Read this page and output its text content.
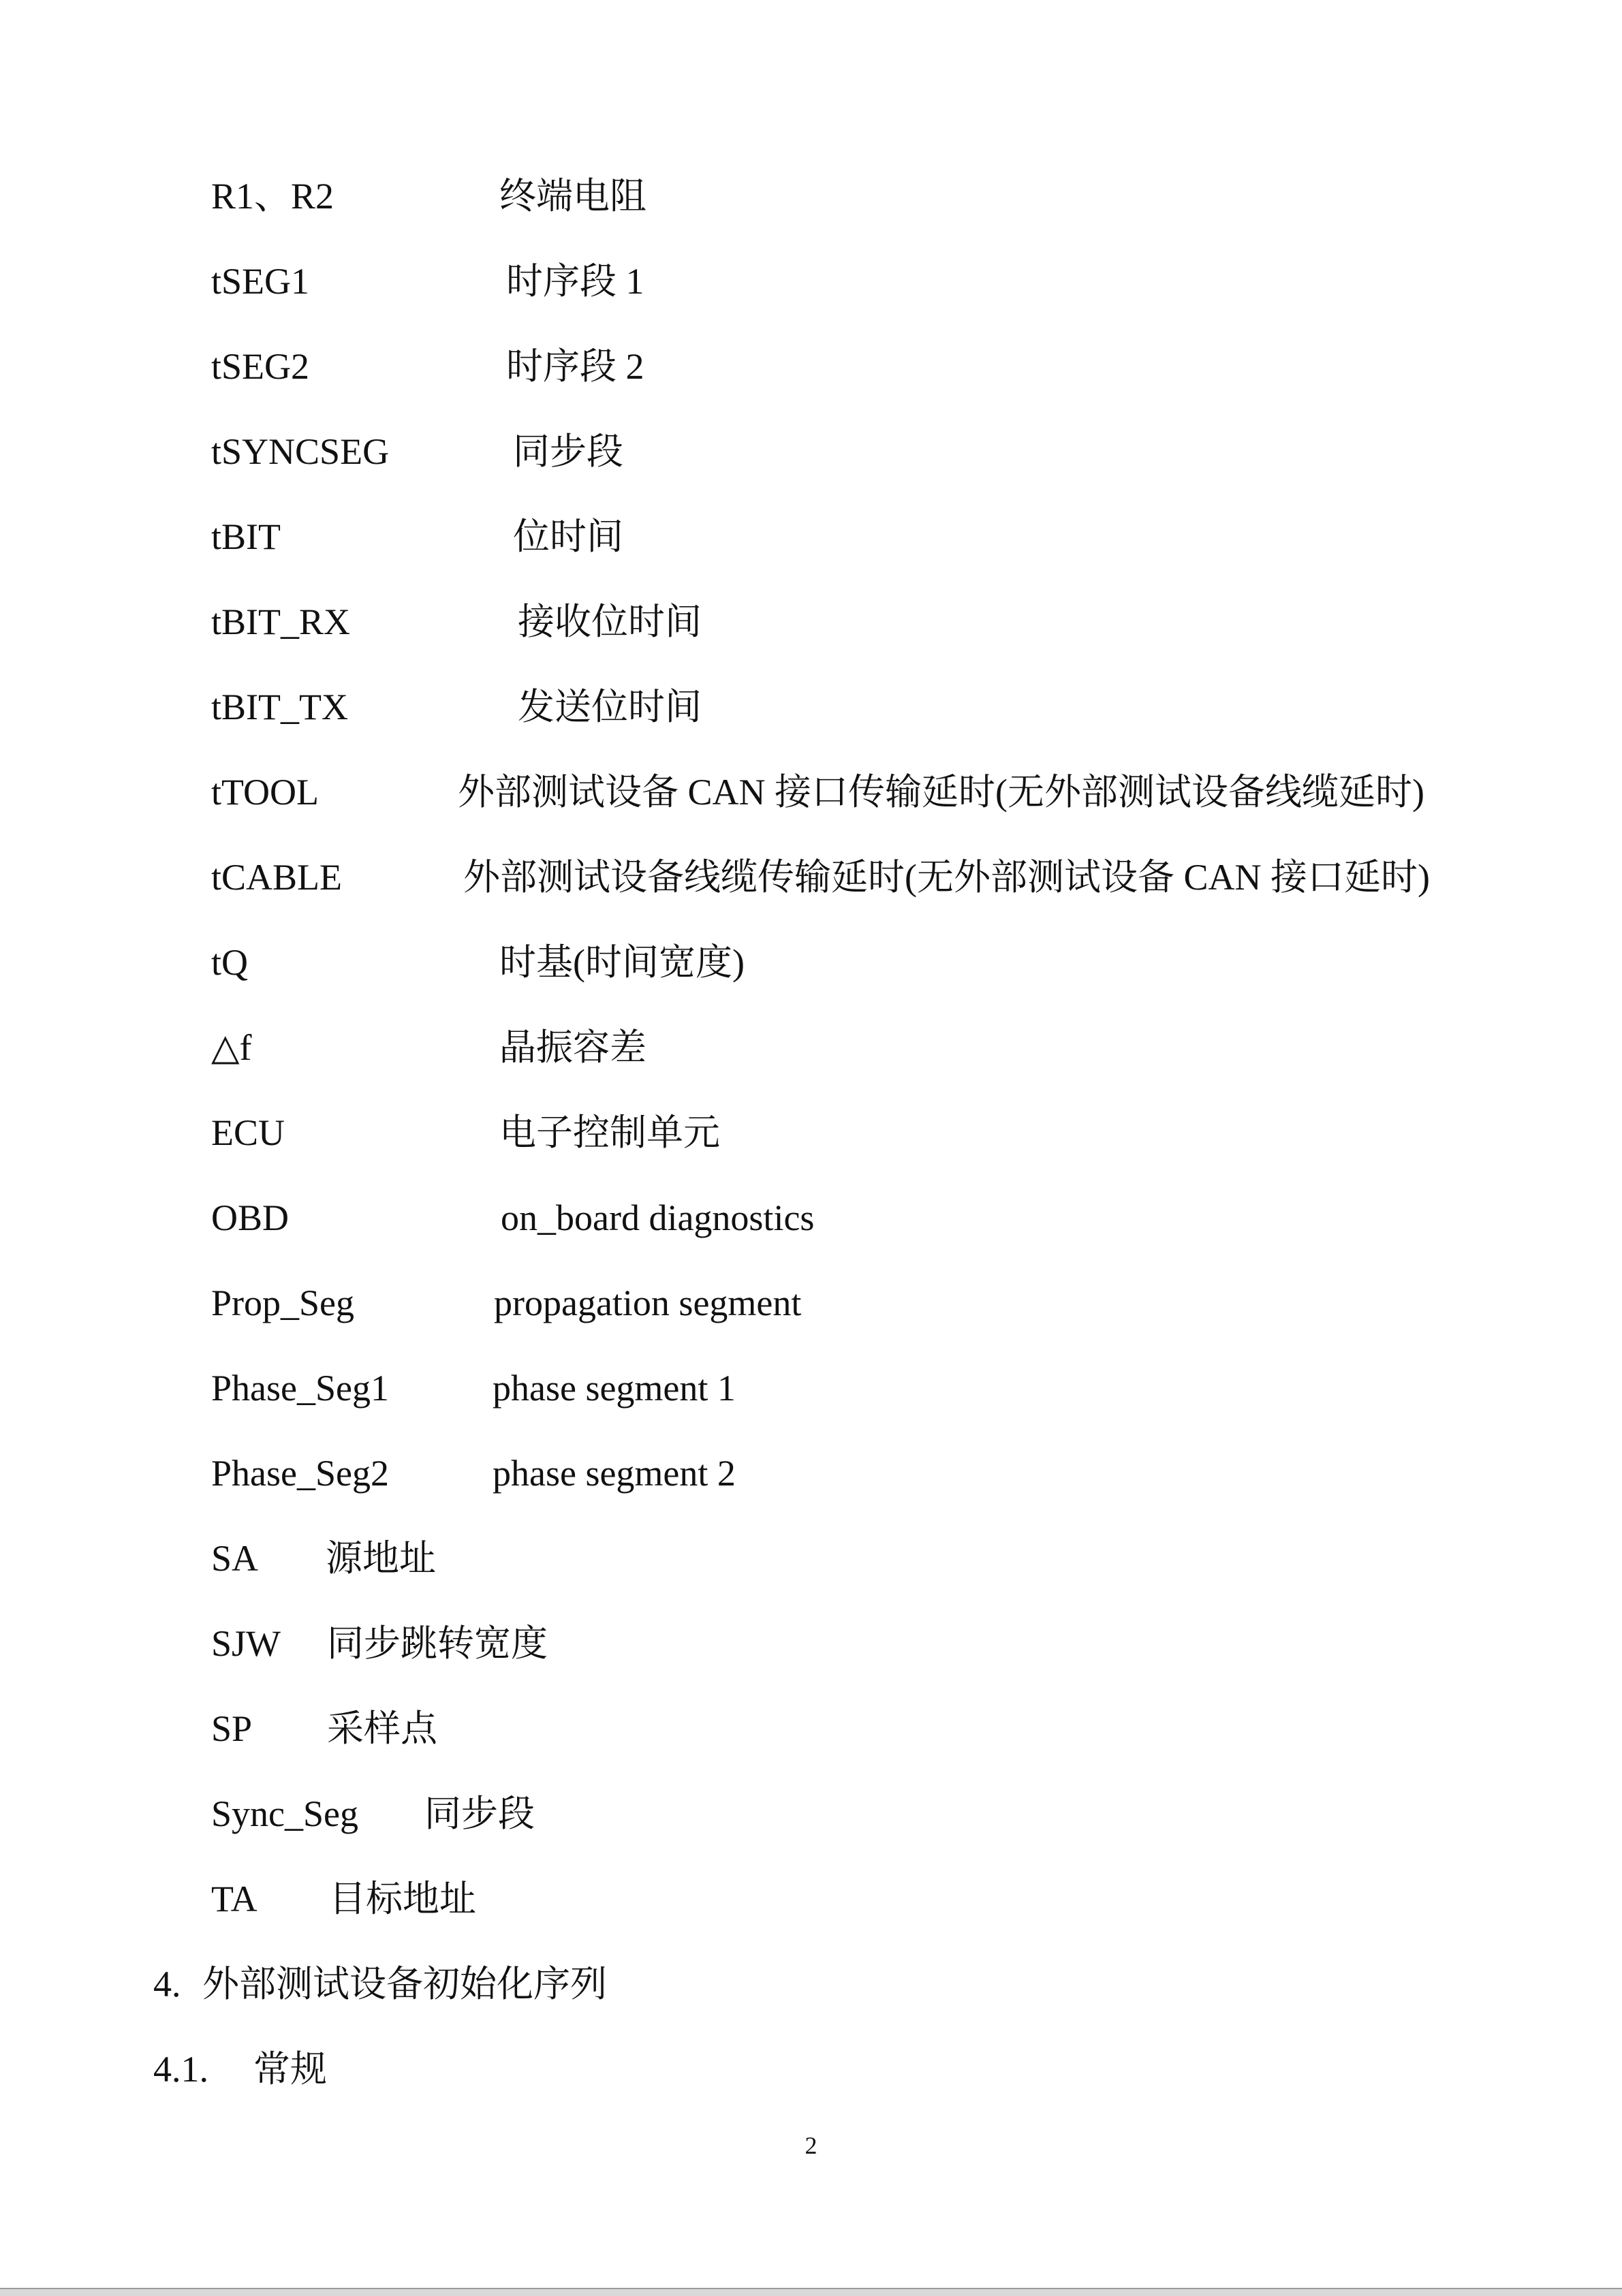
R1、R2	终端电阻
tSEG1	时序段 1
tSEG2	时序段 2
tSYNCSEG	同步段
tBIT	位时间
tBIT_RX	接收位时间
tBIT_TX	发送位时间
tTOOL	外部测试设备 CAN 接口传输延时(无外部测试设备线缆延时)
tCABLE	外部测试设备线缆传输延时(无外部测试设备 CAN 接口延时)
tQ	时基(时间宽度)
△f	晶振容差
ECU	电子控制单元
OBD	on_board diagnostics
Prop_Seg	propagation segment
Phase_Seg1	phase segment 1
Phase_Seg2	phase segment 2
SA 源地址
SJW 同步跳转宽度
SP 采样点
Sync_Seg 同步段
TA 目标地址
4. 外部测试设备初始化序列
4.1. 常规
2
